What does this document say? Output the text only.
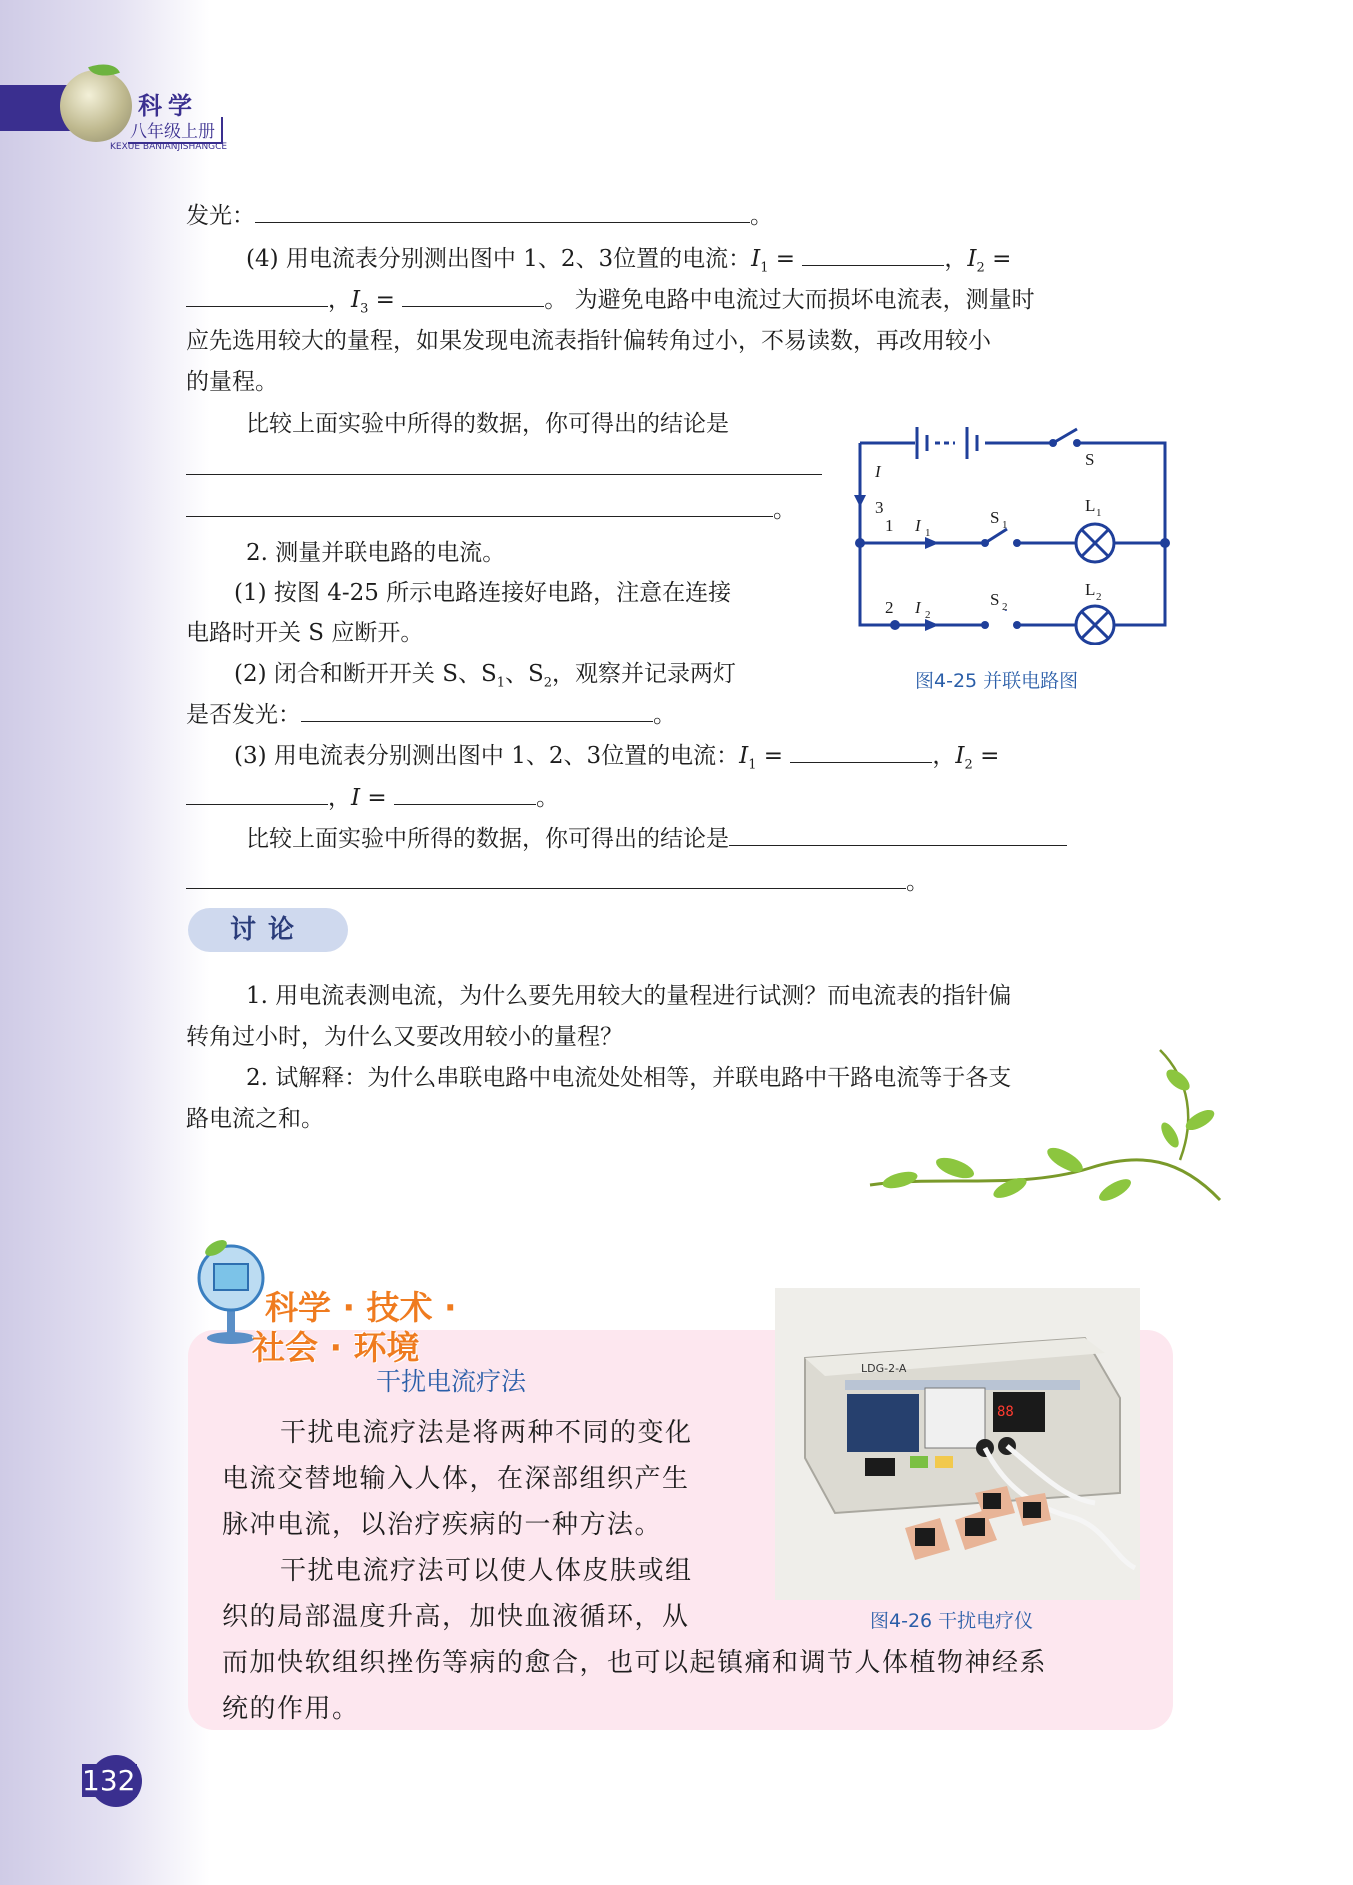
科学
八年级上册
KEXUE BANIANJISHANGCE
发光：	。
(4) 用电流表分别测出图中 1、2、3位置的电流：$I_1$ =	，$I_2$ =
，$I_3$ =	。 为避免电路中电流过大而损坏电流表，测量时
应先选用较大的量程，如果发现电流表指针偏转角过小，不易读数，再改用较小
的量程。
比较上面实验中所得的数据，你可得出的结论是
。
2. 测量并联电路的电流。
(1) 按图 4-25 所示电路连接好电路，注意在连接
电路时开关 S 应断开。
(2) 闭合和断开开关 S、$S_1$、$S_2$，观察并记录两灯
是否发光：	。
(3) 用电流表分别测出图中 1、2、3位置的电流：$I_1$ =	，$I_2$ =
，I =	。
比较上面实验中所得的数据，你可得出的结论是
。
S
I
3
1 I 1
S 1
L 1
2 I 2
S 2
L 2
图4-25 并联电路图
讨论
1. 用电流表测电流，为什么要先用较大的量程进行试测？而电流表的指针偏
转角过小时，为什么又要改用较小的量程？
2. 试解释：为什么串联电路中电流处处相等，并联电路中干路电流等于各支
路电流之和。
科学 · 技术 ·
社会 · 环境
干扰电流疗法
干扰电流疗法是将两种不同的变化
电流交替地输入人体，在深部组织产生
脉冲电流，以治疗疾病的一种方法。
干扰电流疗法可以使人体皮肤或组
织的局部温度升高，加快血液循环，从
而加快软组织挫伤等病的愈合，也可以起镇痛和调节人体植物神经系
统的作用。
88
LDG-2-A
图4-26 干扰电疗仪
132
